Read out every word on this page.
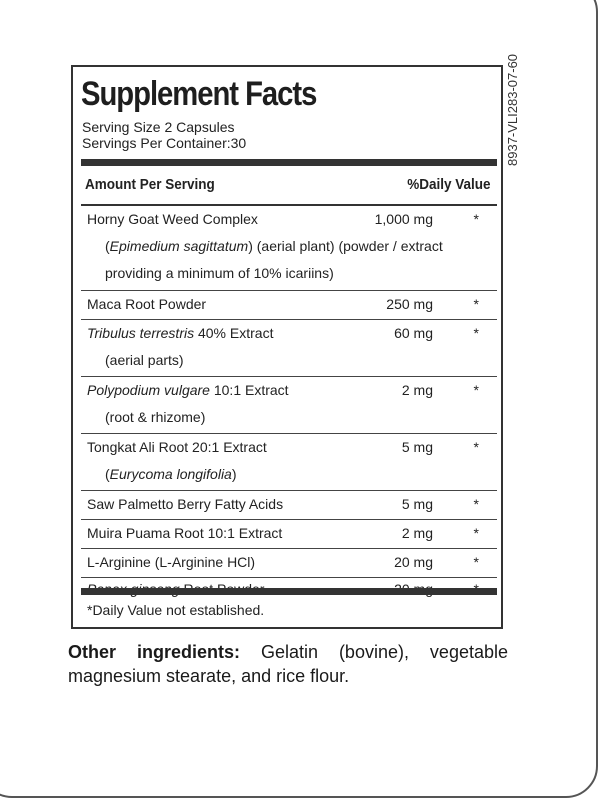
8937-VLI283-07-60
Supplement Facts
Serving Size 2 Capsules
Servings Per Container:30
Amount Per Serving	%Daily Value
Horny Goat Weed Complex	1,000 mg	*
(Epimedium sagittatum) (aerial plant) (powder / extract
providing a minimum of 10% icariins)
Maca Root Powder	250 mg	*
Tribulus terrestris 40% Extract	60 mg	*
(aerial parts)
Polypodium vulgare 10:1 Extract	2 mg	*
(root & rhizome)
Tongkat Ali Root 20:1 Extract	5 mg	*
(Eurycoma longifolia)
Saw Palmetto Berry Fatty Acids	5 mg	*
Muira Puama Root 10:1 Extract	2 mg	*
L-Arginine (L-Arginine HCl)	20 mg	*
*Daily Value not established.
Other ingredients: Gelatin (bovine), vegetable magnesium stearate, and rice flour.
